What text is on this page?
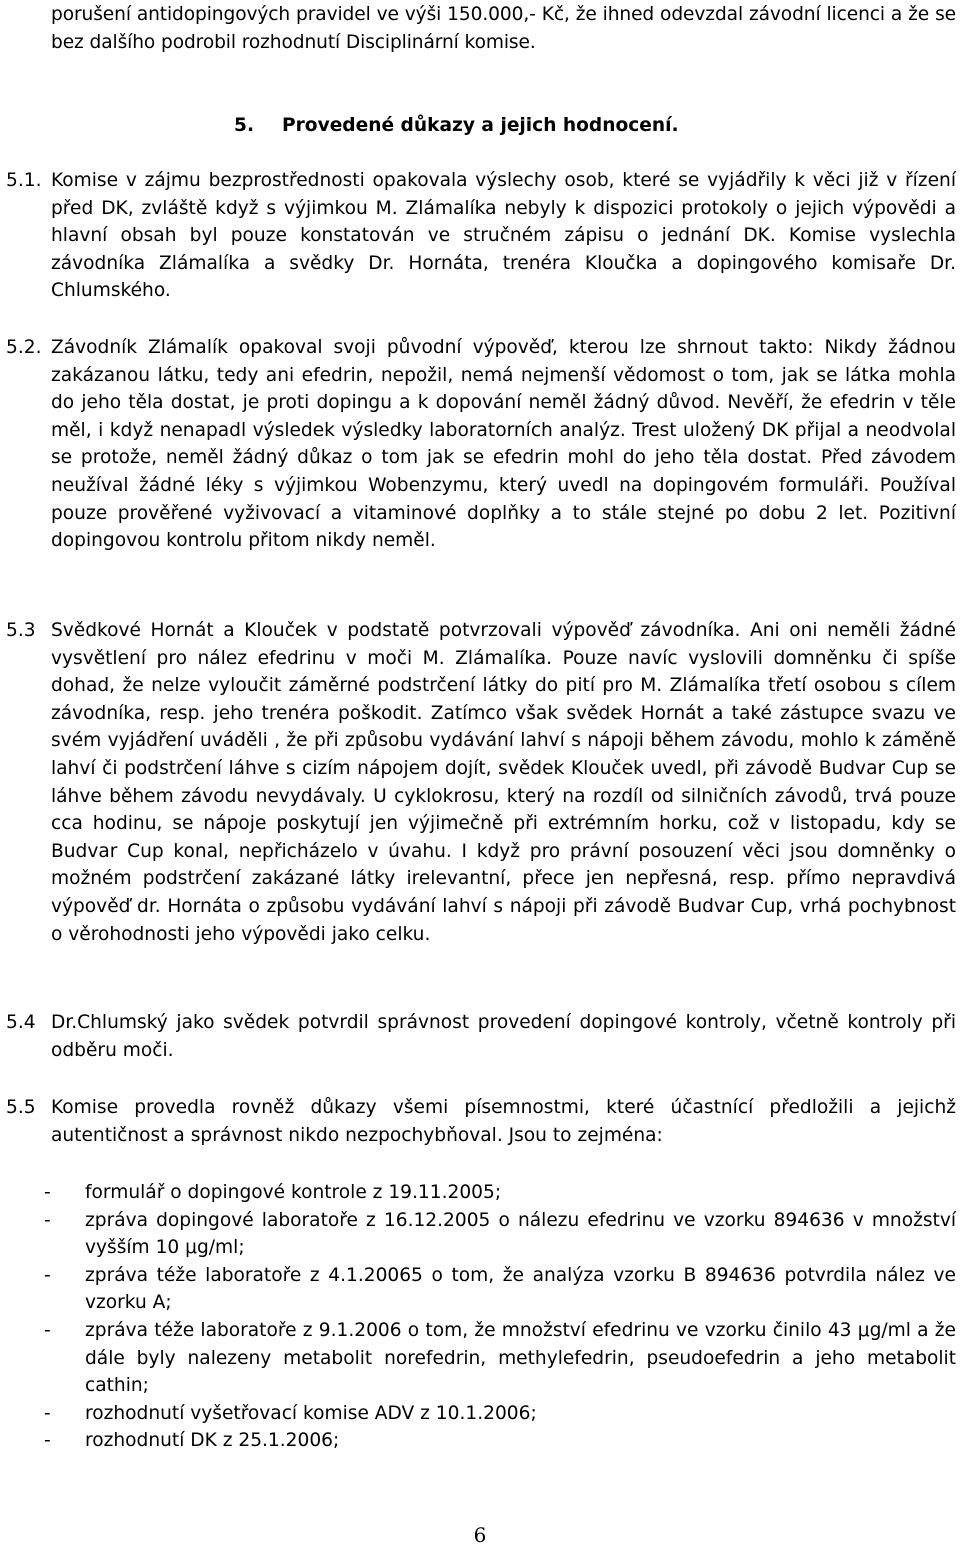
porušení antidopingových pravidel ve výši 150.000,- Kč, že ihned odevzdal závodní licenci a že se bez dalšího podrobil rozhodnutí Disciplinární komise.
5. Provedené důkazy a jejich hodnocení.
5.1. Komise v zájmu bezprostřednosti opakovala výslechy osob, které se vyjádřily k věci již v řízení před DK, zvláště když s výjimkou M. Zlámalíka nebyly k dispozici protokoly o jejich výpovědi a hlavní obsah byl pouze konstatován ve stručném zápisu o jednání DK. Komise vyslechla závodníka Zlámalíka a svědky Dr. Hornáta, trenéra Kloučka a dopingového komisaře Dr. Chlumského.
5.2. Závodník Zlámalík opakoval svoji původní výpověď, kterou lze shrnout takto: Nikdy žádnou zakázanou látku, tedy ani efedrin, nepožil, nemá nejmenší vědomost o tom, jak se látka mohla do jeho těla dostat, je proti dopingu a k dopování neměl žádný důvod. Nevěří, že efedrin v těle měl, i když nenapadl výsledek výsledky laboratorních analýz. Trest uložený DK přijal a neodvolal se protože, neměl žádný důkaz o tom jak se efedrin mohl do jeho těla dostat. Před závodem neužíval žádné léky s výjimkou Wobenzymu, který uvedl na dopingovém formuláři. Používal pouze prověřené vyživovací a vitaminové doplňky a to stále stejné po dobu 2 let. Pozitivní dopingovou kontrolu přitom nikdy neměl.
5.3 Svědkové Hornát a Klouček v podstatě potvrzovali výpověď závodníka. Ani oni neměli žádné vysvětlení pro nález efedrinu v moči M. Zlámalíka. Pouze navíc vyslovili domněnku či spíše dohad, že nelze vyloučit záměrné podstrčení látky do pití pro M. Zlámalíka třetí osobou s cílem závodníka, resp. jeho trenéra poškodit. Zatímco však svědek Hornát a také zástupce svazu ve svém vyjádření uváděli , že při způsobu vydávání lahví s nápoji během závodu, mohlo k záměně lahví či podstrčení láhve s cizím nápojem dojít, svědek Klouček uvedl, při závodě Budvar Cup se láhve během závodu nevydávaly. U cyklokrosu, který na rozdíl od silničních závodů, trvá pouze cca hodinu, se nápoje poskytují jen výjimečně při extrémním horku, což v listopadu, kdy se Budvar Cup konal, nepřicházelo v úvahu. I když pro právní posouzení věci jsou domněnky o možném podstrčení zakázané látky irelevantní, přece jen nepřesná, resp. přímo nepravdivá výpověď dr. Hornáta o způsobu vydávání lahví s nápoji při závodě Budvar Cup, vrhá pochybnost o věrohodnosti jeho výpovědi jako celku.
5.4 Dr.Chlumský jako svědek potvrdil správnost provedení dopingové kontroly, včetně kontroly při odběru moči.
5.5 Komise provedla rovněž důkazy všemi písemnostmi, které účastnící předložili a jejichž autentičnost a správnost nikdo nezpochybňoval. Jsou to zejména:
- formulář o dopingové kontrole z 19.11.2005;
- zpráva dopingové laboratoře z 16.12.2005 o nálezu efedrinu ve vzorku 894636 v množství vyšším 10 μg/ml;
- zpráva téže laboratoře z 4.1.20065 o tom, že analýza vzorku B 894636 potvrdila nález ve vzorku A;
- zpráva téže laboratoře z 9.1.2006 o tom, že množství efedrinu ve vzorku činilo 43 μg/ml a že dále byly nalezeny metabolit norefedrin, methylefedrin, pseudoefedrin a jeho metabolit cathin;
- rozhodnutí vyšetřovací komise ADV z 10.1.2006;
- rozhodnutí DK z 25.1.2006;
6
